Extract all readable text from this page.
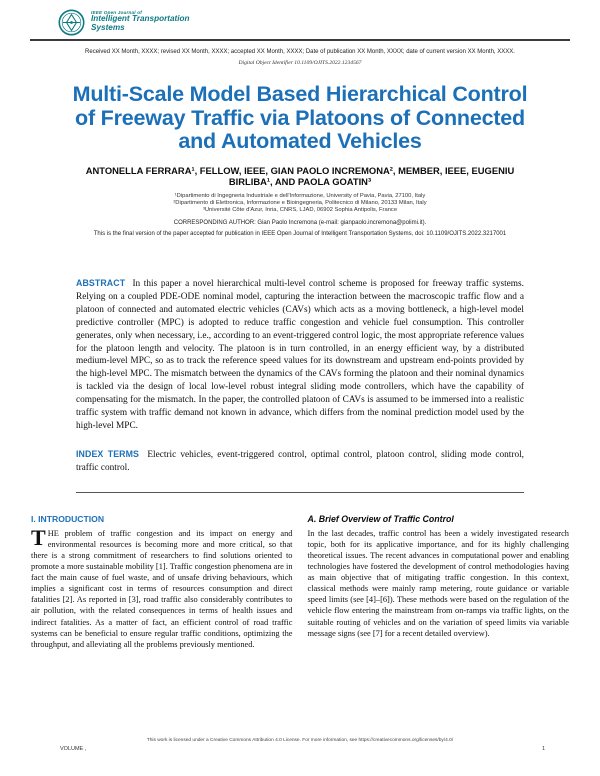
IEEE Open Journal of
Intelligent Transportation
Systems

Received XX Month, XXXX; revised XX Month, XXXX; accepted XX Month, XXXX; Date of publication XX Month, XXXX; date of current version XX Month, XXXX.

Digital Object Identifier 10.1109/OJITS.2022.1234567

Multi-Scale Model Based Hierarchical Control of Freeway Traffic via Platoons of Connected and Automated Vehicles

ANTONELLA FERRARA¹, FELLOW, IEEE, GIAN PAOLO INCREMONA², MEMBER, IEEE, EUGENIU BIRLIBA¹, AND PAOLA GOATIN³

¹Dipartimento di Ingegneria Industriale e dell'Informazione, University of Pavia, Pavia, 27100, Italy

²Dipartimento di Elettronica, Informazione e Bioingegneria, Politecnico di Milano, 20133 Milan, Italy

³Université Côte d'Azur, Inria, CNRS, LJAD, 06902 Sophia Antipolis, France

CORRESPONDING AUTHOR: Gian Paolo Incremona (e-mail: gianpaolo.incremona@polimi.it).

This is the final version of the paper accepted for publication in IEEE Open Journal of Intelligent Transportation Systems, doi: 10.1109/OJITS.2022.3217001

ABSTRACT In this paper a novel hierarchical multi-level control scheme is proposed for freeway traffic systems. Relying on a coupled PDE-ODE nominal model, capturing the interaction between the macroscopic traffic flow and a platoon of connected and automated electric vehicles (CAVs) which acts as a moving bottleneck, a high-level model predictive controller (MPC) is adopted to reduce traffic congestion and vehicle fuel consumption. This controller generates, only when necessary, i.e., according to an event-triggered control logic, the most appropriate reference values for the platoon length and velocity. The platoon is in turn controlled, in an energy efficient way, by a distributed medium-level MPC, so as to track the reference speed values for its downstream and upstream end-points provided by the high-level MPC. The mismatch between the dynamics of the CAVs forming the platoon and their nominal dynamics is tackled via the design of local low-level robust integral sliding mode controllers, which have the capability of compensating for the mismatch. In the paper, the controlled platoon of CAVs is assumed to be immersed into a realistic traffic system with traffic demand not known in advance, which differs from the nominal prediction model used by the high-level MPC.

INDEX TERMS Electric vehicles, event-triggered control, optimal control, platoon control, sliding mode control, traffic control.

I. INTRODUCTION

THE problem of traffic congestion and its impact on energy and environmental resources is becoming more and more critical, so that there is a strong commitment of researchers to find solutions oriented to promote a more sustainable mobility [1]. Traffic congestion phenomena are in fact the main cause of fuel waste, and of unsafe driving behaviours, which implies a significant cost in terms of resources consumption and direct fatalities [2]. As reported in [3], road traffic also considerably contributes to air pollution, with the related consequences in terms of health issues and indirect fatalities. As a matter of fact, an efficient control of road traffic systems can be beneficial to ensure regular traffic conditions, optimizing the throughput, and alleviating all the problems previously mentioned.

A. Brief Overview of Traffic Control

In the last decades, traffic control has been a widely investigated research topic, both for its applicative importance, and for its highly challenging theoretical issues. The recent advances in computational power and enabling technologies have fostered the development of control methodologies having as main objective that of mitigating traffic congestion. In this context, classical methods were mainly ramp metering, route guidance or variable speed limits (see [4]–[6]). These methods were based on the regulation of the vehicle flow entering the mainstream from on-ramps via traffic lights, on the suitable routing of vehicles and on the variation of speed limits via variable message signs (see [7] for a recent detailed overview).

This work is licensed under a Creative Commons Attribution 4.0 License. For more information, see https://creativecommons.org/licenses/by/4.0/
VOLUME ,	1
